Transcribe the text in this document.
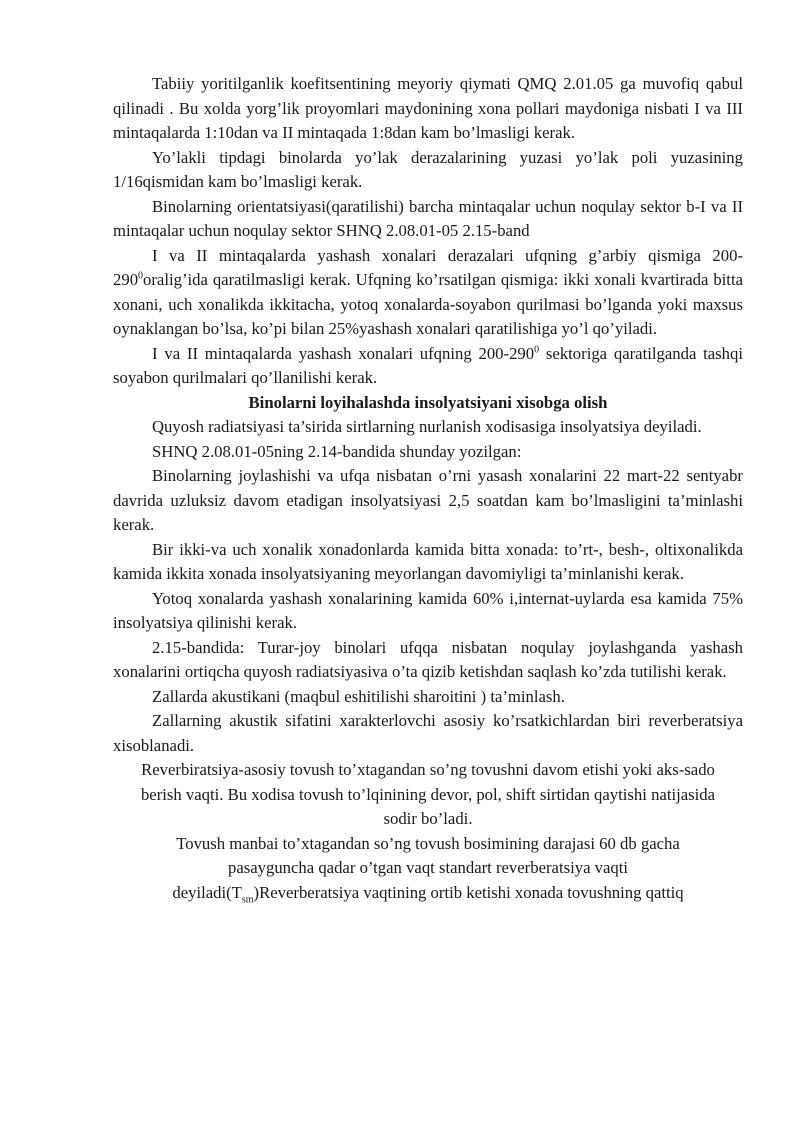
Tabiiy yoritilganlik koefitsentining meyoriy qiymati QMQ 2.01.05 ga muvofiq qabul qilinadi . Bu xolda yorg’lik proyomlari maydonining xona pollari maydoniga nisbati I va III mintaqalarda 1:10dan va II mintaqada 1:8dan kam bo’lmasligi kerak.

Yo’lakli tipdagi binolarda yo’lak derazalarining yuzasi yo’lak poli yuzasining 1/16qismidan kam bo’lmasligi kerak.

Binolarning orientatsiyasi(qaratilishi) barcha mintaqalar uchun noqulay sektor b-I va II mintaqalar uchun noqulay sektor SHNQ 2.08.01-05 2.15-band

I va II mintaqalarda yashash xonalari derazalari ufqning g’arbiy qismiga $200-290^0oralig’ida$ qaratilmasligi kerak. Ufqning ko’rsatilgan qismiga: ikki xonali kvartirada bitta xonani, uch xonalikda ikkitacha, yotoq xonalarda-soyabon qurilmasi bo’lganda yoki maxsus oynaklangan bo’lsa, ko’pi bilan 25%yashash xonalari qaratilishiga yo’l qo’yiladi.

I va II mintaqalarda yashash xonalari ufqning $200-290^0$ sektoriga qaratilganda tashqi soyabon qurilmalari qo’llanilishi kerak.

Binolarni loyihalashda insolyatsiyani xisobga olish

Quyosh radiatsiyasi ta’sirida sirtlarning nurlanish xodisasiga insolyatsiya deyiladi.

SHNQ 2.08.01-05ning 2.14-bandida shunday yozilgan:

Binolarning joylashishi va ufqa nisbatan o’rni yasash xonalarini 22 mart-22 sentyabr davrida uzluksiz davom etadigan insolyatsiyasi 2,5 soatdan kam bo’lmasligini ta’minlashi kerak.

Bir ikki-va uch xonalik xonadonlarda kamida bitta xonada: to’rt-, besh-, oltixonalikda kamida ikkita xonada insolyatsiyaning meyorlangan davomiyligi ta’minlanishi kerak.

Yotoq xonalarda yashash xonalarining kamida 60% i,internat-uylarda esa kamida 75% insolyatsiya qilinishi kerak.

2.15-bandida: Turar-joy binolari ufqqa nisbatan noqulay joylashganda yashash xonalarini ortiqcha quyosh radiatsiyasiva o’ta qizib ketishdan saqlash ko’zda tutilishi kerak.

Zallarda akustikani (maqbul eshitilishi sharoitini ) ta’minlash.

Zallarning akustik sifatini xarakterlovchi asosiy ko’rsatkichlardan biri reverberatsiya xisoblanadi.

Reverbiratsiya-asosiy tovush to’xtagandan so’ng tovushni davom etishi yoki aks-sado berish vaqti. Bu xodisa tovush to’lqinining devor, pol, shift sirtidan qaytishi natijasida sodir bo’ladi.

Tovush manbai to’xtagandan so’ng tovush bosimining darajasi 60 db gacha pasayguncha qadar o’tgan vaqt standart reverberatsiya vaqti $deyiladi(T_{sm})Reverberatsiya$ vaqtining ortib ketishi xonada tovushning qattiq
